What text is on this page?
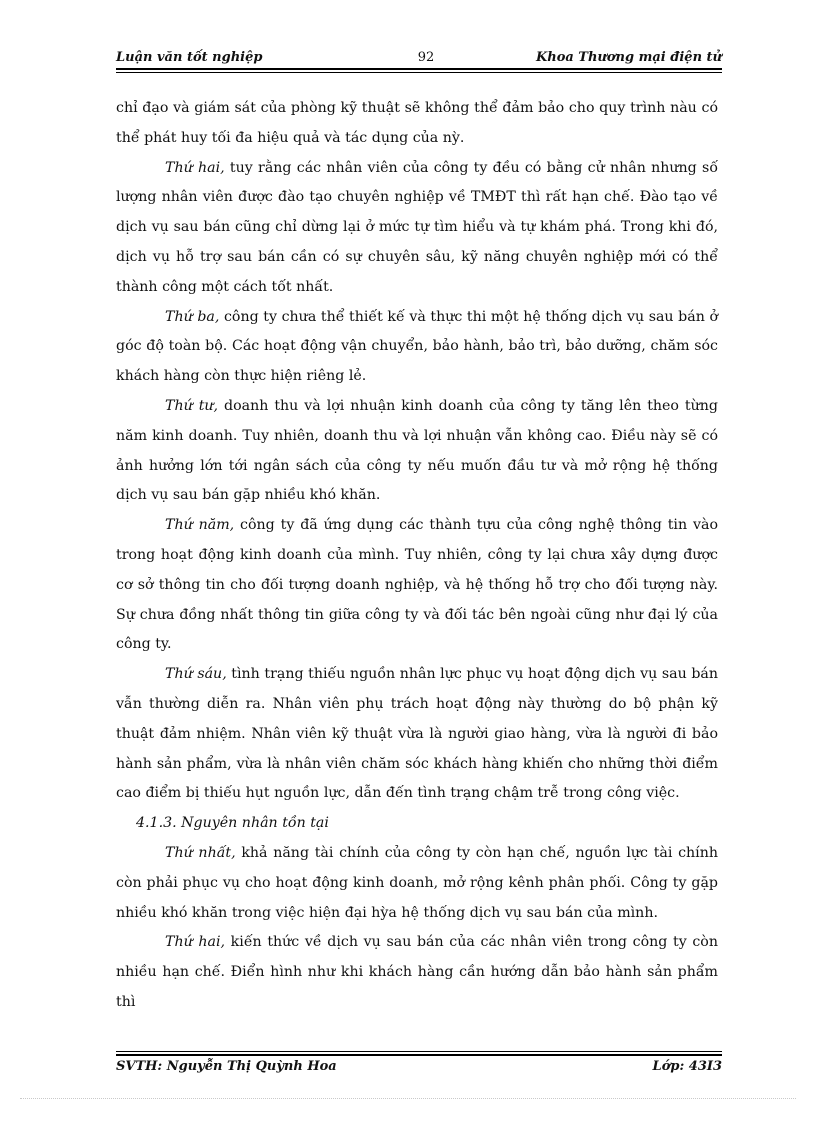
Luận văn tốt nghiệp	92	Khoa Thương mại điện tử

chỉ đạo và giám sát của phòng kỹ thuật sẽ không thể đảm bảo cho quy trình nàu có thể phát huy tối đa hiệu quả và tác dụng của nỳ.

Thứ hai, tuy rằng các nhân viên của công ty đều có bằng cử nhân nhưng số lượng nhân viên được đào tạo chuyên nghiệp về TMĐT thì rất hạn chế. Đào tạo về dịch vụ sau bán cũng chỉ dừng lại ở mức tự tìm hiểu và tự khám phá. Trong khi đó, dịch vụ hỗ trợ sau bán cần có sự chuyên sâu, kỹ năng chuyên nghiệp mới có thể thành công một cách tốt nhất.

Thứ ba, công ty chưa thể thiết kế và thực thi một hệ thống dịch vụ sau bán ở góc độ toàn bộ. Các hoạt động vận chuyển, bảo hành, bảo trì, bảo dưỡng, chăm sóc khách hàng còn thực hiện riêng lẻ.

Thứ tư, doanh thu và lợi nhuận kinh doanh của công ty tăng lên theo từng năm kinh doanh. Tuy nhiên, doanh thu và lợi nhuận vẫn không cao. Điều này sẽ có ảnh hưởng lớn tới ngân sách của công ty nếu muốn đầu tư và mở rộng hệ thống dịch vụ sau bán gặp nhiều khó khăn.

Thứ năm, công ty đã ứng dụng các thành tựu của công nghệ thông tin vào trong hoạt động kinh doanh của mình. Tuy nhiên, công ty lại chưa xây dựng được cơ sở thông tin cho đối tượng doanh nghiệp, và hệ thống hỗ trợ cho đối tượng này. Sự chưa đồng nhất thông tin giữa công ty và đối tác bên ngoài cũng như đại lý của công ty.

Thứ sáu, tình trạng thiếu nguồn nhân lực phục vụ hoạt động dịch vụ sau bán vẫn thường diễn ra. Nhân viên phụ trách hoạt động này thường do bộ phận kỹ thuật đảm nhiệm. Nhân viên kỹ thuật vừa là người giao hàng, vừa là người đi bảo hành sản phẩm, vừa là nhân viên chăm sóc khách hàng khiến cho những thời điểm cao điểm bị thiếu hụt nguồn lực, dẫn đến tình trạng chậm trễ trong công việc.

4.1.3. Nguyên nhân tồn tại

Thứ nhất, khả năng tài chính của công ty còn hạn chế, nguồn lực tài chính còn phải phục vụ cho hoạt động kinh doanh, mở rộng kênh phân phối. Công ty gặp nhiều khó khăn trong việc hiện đại hỳa hệ thống dịch vụ sau bán của mình.

Thứ hai, kiến thức về dịch vụ sau bán của các nhân viên trong công ty còn nhiều hạn chế. Điển hình như khi khách hàng cần hướng dẫn bảo hành sản phẩm thì

SVTH: Nguyễn Thị Quỳnh Hoa	Lớp: 43I3
